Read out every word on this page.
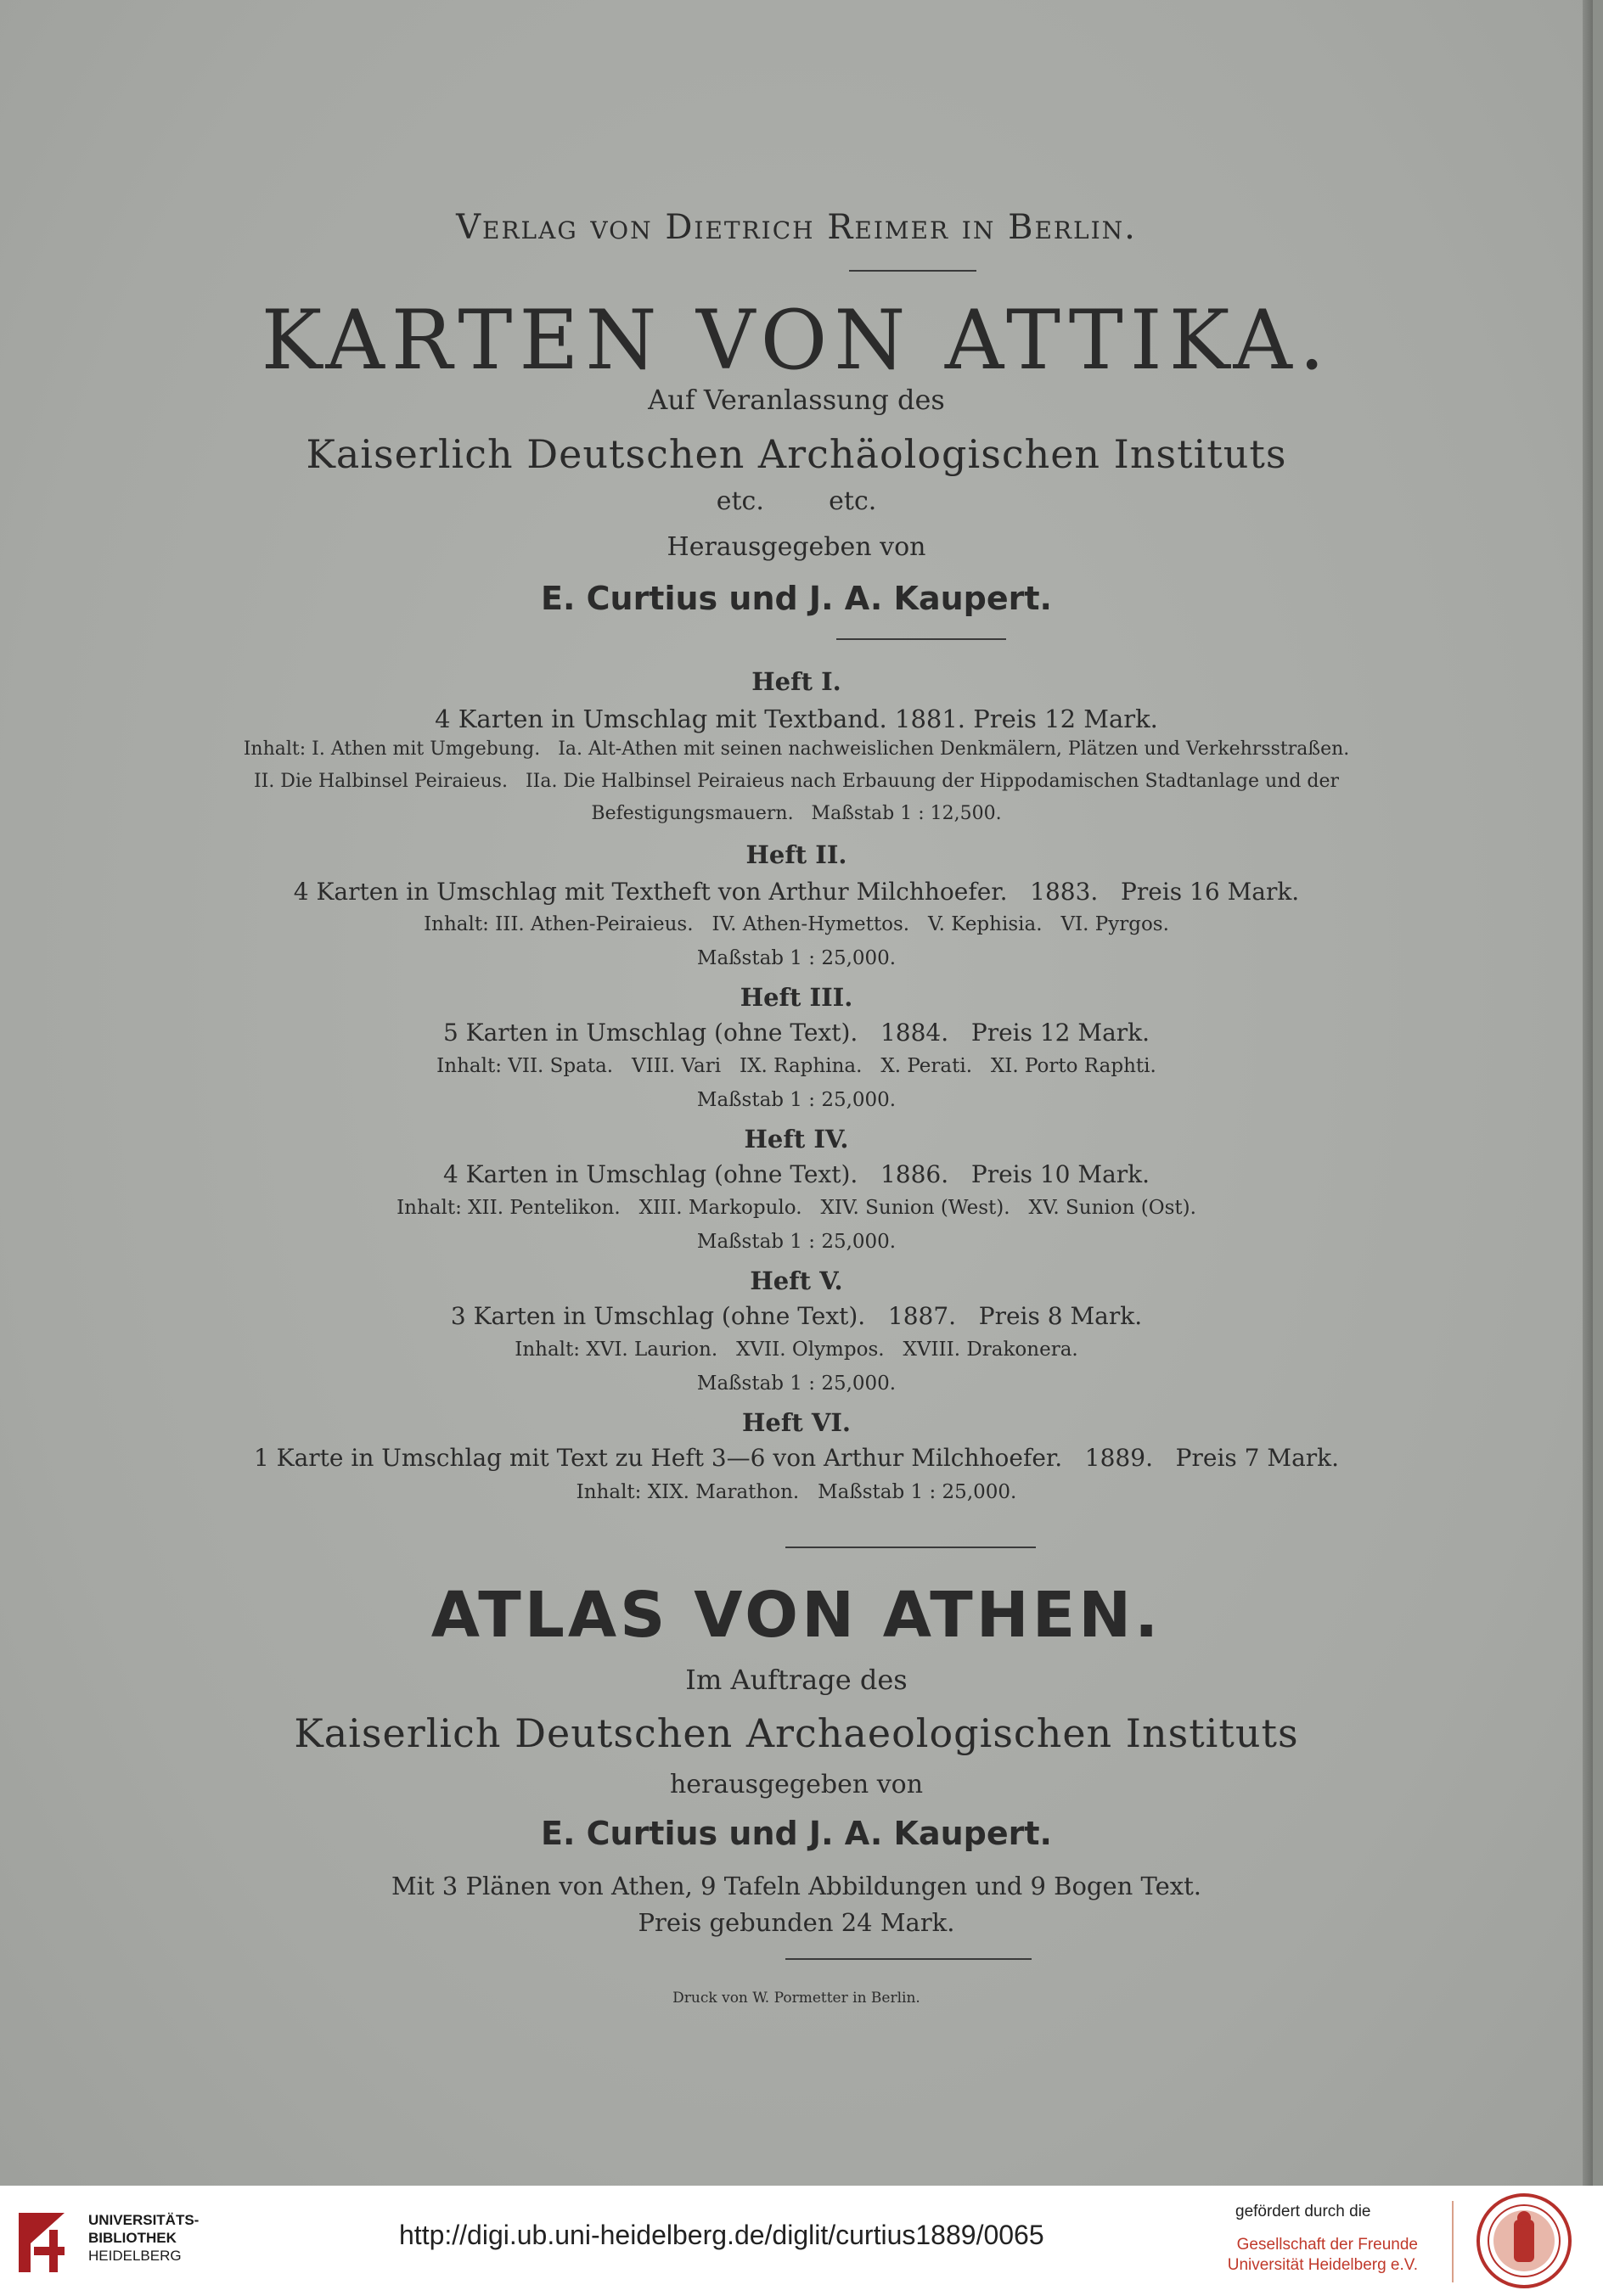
Verlag von Dietrich Reimer in Berlin.
KARTEN VON ATTIKA.
Auf Veranlassung des
Kaiserlich Deutschen Archäologischen Instituts
etc.        etc.
Herausgegeben von
E. Curtius und J. A. Kaupert.
Heft I.
4 Karten in Umschlag mit Textband. 1881. Preis 12 Mark.
Inhalt: I. Athen mit Umgebung.   Ia. Alt-Athen mit seinen nachweislichen Denkmälern, Plätzen und Verkehrsstraßen.
II. Die Halbinsel Peiraieus.   IIa. Die Halbinsel Peiraieus nach Erbauung der Hippodamischen Stadtanlage und der
Befestigungsmauern.   Maßstab 1 : 12,500.
Heft II.
4 Karten in Umschlag mit Textheft von Arthur Milchhoefer.   1883.   Preis 16 Mark.
Inhalt: III. Athen-Peiraieus.   IV. Athen-Hymettos.   V. Kephisia.   VI. Pyrgos.
Maßstab 1 : 25,000.
Heft III.
5 Karten in Umschlag (ohne Text).   1884.   Preis 12 Mark.
Inhalt: VII. Spata.   VIII. Vari   IX. Raphina.   X. Perati.   XI. Porto Raphti.
Maßstab 1 : 25,000.
Heft IV.
4 Karten in Umschlag (ohne Text).   1886.   Preis 10 Mark.
Inhalt: XII. Pentelikon.   XIII. Markopulo.   XIV. Sunion (West).   XV. Sunion (Ost).
Maßstab 1 : 25,000.
Heft V.
3 Karten in Umschlag (ohne Text).   1887.   Preis 8 Mark.
Inhalt: XVI. Laurion.   XVII. Olympos.   XVIII. Drakonera.
Maßstab 1 : 25,000.
Heft VI.
1 Karte in Umschlag mit Text zu Heft 3—6 von Arthur Milchhoefer.   1889.   Preis 7 Mark.
Inhalt: XIX. Marathon.   Maßstab 1 : 25,000.
ATLAS VON ATHEN.
Im Auftrage des
Kaiserlich Deutschen Archaeologischen Instituts
herausgegeben von
E. Curtius und J. A. Kaupert.
Mit 3 Plänen von Athen, 9 Tafeln Abbildungen und 9 Bogen Text.
Preis gebunden 24 Mark.
Druck von W. Pormetter in Berlin.
UNIVERSITÄTS-
BIBLIOTHEK
HEIDELBERG
http://digi.ub.uni-heidelberg.de/diglit/curtius1889/0065
gefördert durch die
Gesellschaft der Freunde
Universität Heidelberg e.V.
